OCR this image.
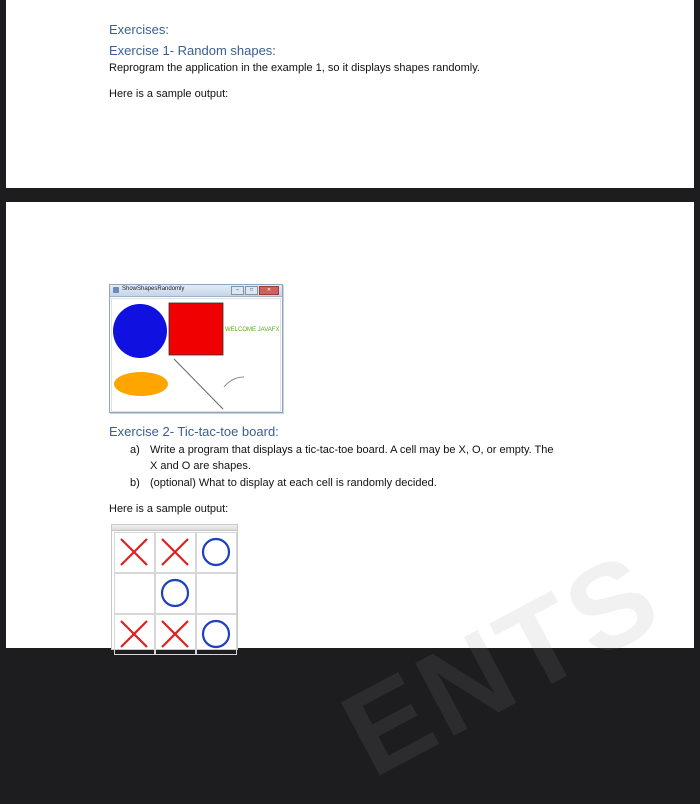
Exercises:
Exercise 1- Random shapes:
Reprogram the application in the example 1, so it displays shapes randomly.
Here is a sample output:
ShowShapesRandomly	–	□	✕
WELCOME JAVAFX
Exercise 2- Tic-tac-toe board:
a) Write a program that displays a tic-tac-toe board. A cell may be X, O, or empty. The
X and O are shapes.
b) (optional) What to display at each cell is randomly decided.
Here is a sample output:
ENTS
